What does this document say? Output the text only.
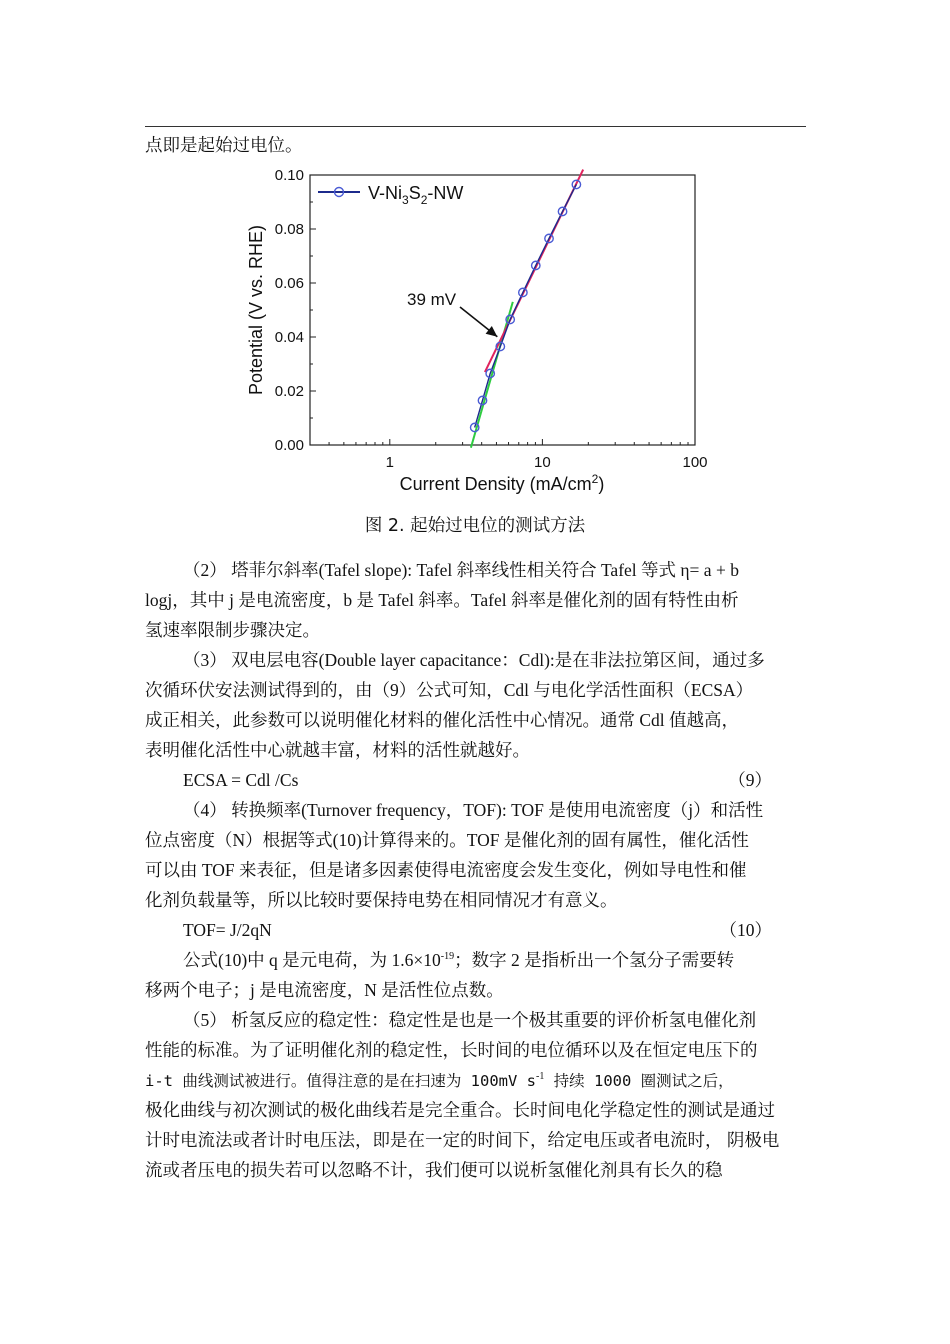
点即是起始过电位。
0.00
0.02
0.04
0.06
0.08
0.10
1	10	100
$V-Ni_3S_2-NW$
39 mV
Potential (V vs. RHE)
Current Density $(mA/cm^2)$
图 2. 起始过电位的测试方法
（2） 塔菲尔斜率(Tafel slope): Tafel 斜率线性相关符合 Tafel 等式 η= a + b
logj，其中 j 是电流密度，b 是 Tafel 斜率。Tafel 斜率是催化剂的固有特性由析
氢速率限制步骤决定。
（3） 双电层电容(Double layer capacitance：Cdl):是在非法拉第区间，通过多
次循环伏安法测试得到的，由（9）公式可知，Cdl 与电化学活性面积（ECSA）
成正相关，此参数可以说明催化材料的催化活性中心情况。通常 Cdl 值越高，
表明催化活性中心就越丰富，材料的活性就越好。
ECSA = Cdl /Cs	（9）
（4） 转换频率(Turnover frequency，TOF): TOF 是使用电流密度（j）和活性
位点密度（N）根据等式(10)计算得来的。TOF 是催化剂的固有属性，催化活性
可以由 TOF 来表征，但是诸多因素使得电流密度会发生变化，例如导电性和催
化剂负载量等，所以比较时要保持电势在相同情况才有意义。
TOF= J/2qN	（10）
公式(10)中 q 是元电荷，为 $1.6\times 10^{-19}$；数字 2 是指析出一个氢分子需要转
移两个电子；j 是电流密度，N 是活性位点数。
（5） 析氢反应的稳定性：稳定性是也是一个极其重要的评价析氢电催化剂
性能的标准。为了证明催化剂的稳定性，长时间的电位循环以及在恒定电压下的
i-t 曲线测试被进行。值得注意的是在扫速为 100mV $s^{-1}$ 持续 1000 圈测试之后，
极化曲线与初次测试的极化曲线若是完全重合。长时间电化学稳定性的测试是通过
计时电流法或者计时电压法，即是在一定的时间下，给定电压或者电流时， 阴极电
流或者压电的损失若可以忽略不计，我们便可以说析氢催化剂具有长久的稳
